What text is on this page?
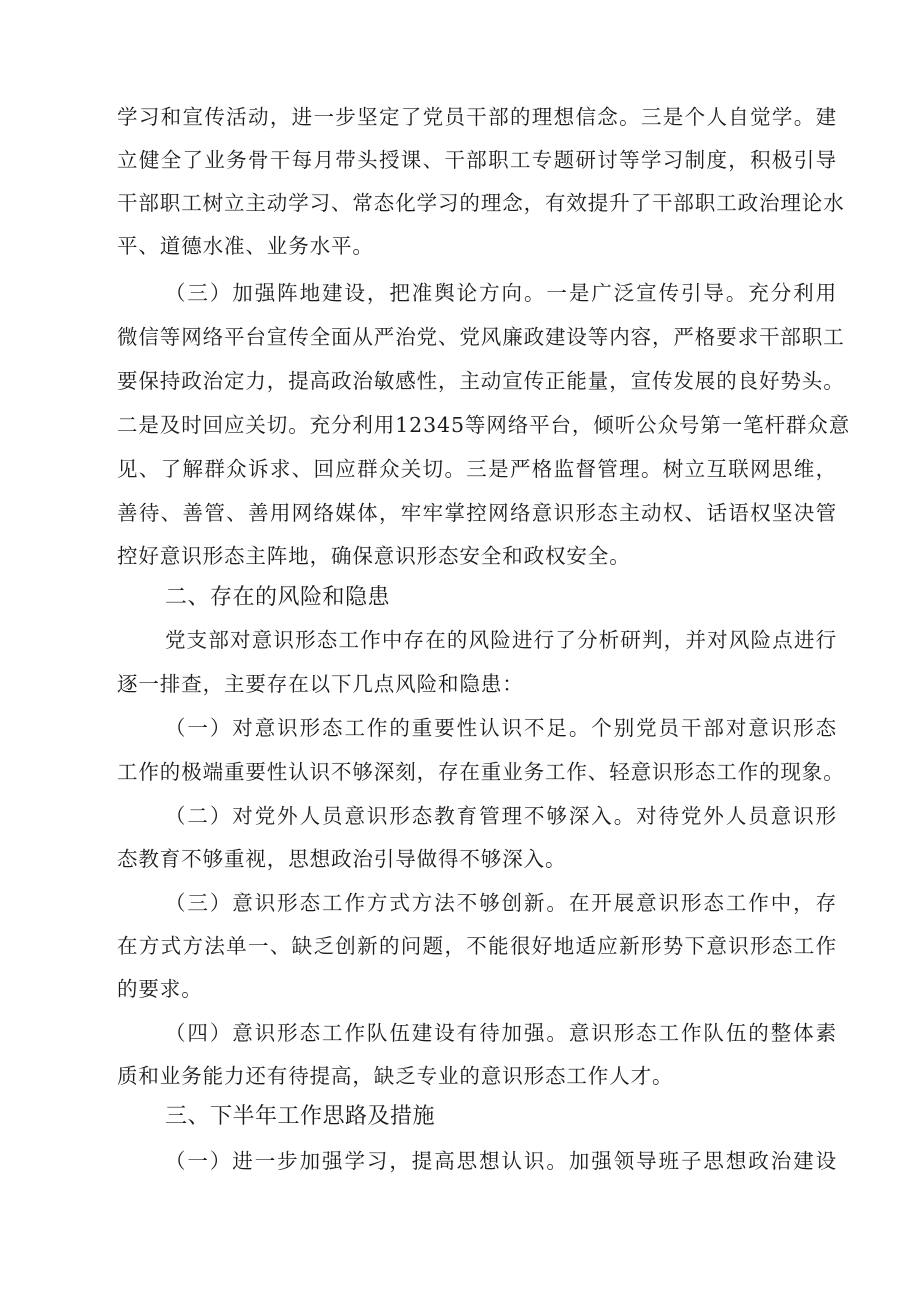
学习和宣传活动，进一步坚定了党员干部的理想信念。三是个人自觉学。建

立健全了业务骨干每月带头授课、干部职工专题研讨等学习制度，积极引导

干部职工树立主动学习、常态化学习的理念，有效提升了干部职工政治理论水

平、道德水准、业务水平。

（三）加强阵地建设，把准舆论方向。一是广泛宣传引导。充分利用

微信等网络平台宣传全面从严治党、党风廉政建设等内容，严格要求干部职工

要保持政治定力，提高政治敏感性，主动宣传正能量，宣传发展的良好势头。

二是及时回应关切。充分利用12345等网络平台，倾听公众号第一笔杆群众意

见、了解群众诉求、回应群众关切。三是严格监督管理。树立互联网思维，

善待、善管、善用网络媒体，牢牢掌控网络意识形态主动权、话语权坚决管

控好意识形态主阵地，确保意识形态安全和政权安全。

二、存在的风险和隐患

党支部对意识形态工作中存在的风险进行了分析研判，并对风险点进行

逐一排查，主要存在以下几点风险和隐患：

（一）对意识形态工作的重要性认识不足。个别党员干部对意识形态

工作的极端重要性认识不够深刻，存在重业务工作、轻意识形态工作的现象。

（二）对党外人员意识形态教育管理不够深入。对待党外人员意识形

态教育不够重视，思想政治引导做得不够深入。

（三）意识形态工作方式方法不够创新。在开展意识形态工作中，存

在方式方法单一、缺乏创新的问题，不能很好地适应新形势下意识形态工作

的要求。

（四）意识形态工作队伍建设有待加强。意识形态工作队伍的整体素

质和业务能力还有待提高，缺乏专业的意识形态工作人才。

三、下半年工作思路及措施

（一）进一步加强学习，提高思想认识。加强领导班子思想政治建设
